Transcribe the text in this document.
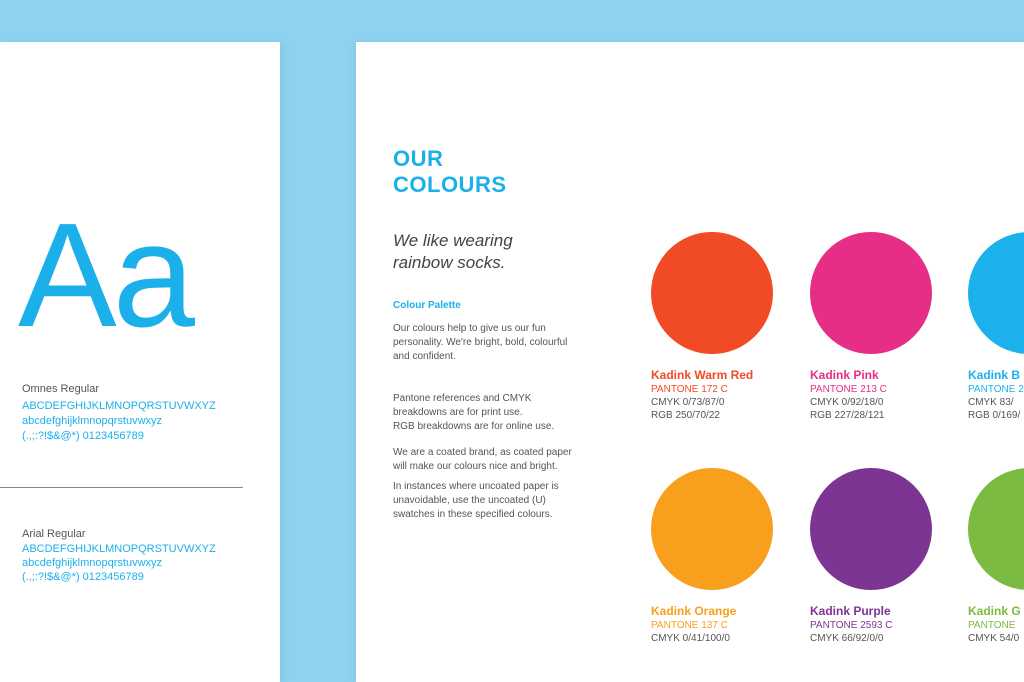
Aa
Omnes Regular
ABCDEFGHIJKLMNOPQRSTUVWXYZ
abcdefghijklmnopqrstuvwxyz
(.,;:?!$&@*) 0123456789
Arial Regular
ABCDEFGHIJKLMNOPQRSTUVWXYZ
abcdefghijklmnopqrstuvwxyz
(.,;:?!$&@*) 0123456789
OUR
COLOURS
We like wearing
rainbow socks.
Colour Palette
Our colours help to give us our fun
personality. We're bright, bold, colourful
and confident.
Pantone references and CMYK
breakdowns are for print use.
RGB breakdowns are for online use.
We are a coated brand, as coated paper
will make our colours nice and bright.
In instances where uncoated paper is
unavoidable, use the uncoated (U)
swatches in these specified colours.
Kadink Warm Red
PANTONE 172 C
CMYK 0/73/87/0
RGB 250/70/22
Kadink Pink
PANTONE 213 C
CMYK 0/92/18/0
RGB 227/28/121
Kadink B
PANTONE 2
CMYK 83/
RGB 0/169/
Kadink Orange
PANTONE 137 C
CMYK 0/41/100/0
Kadink Purple
PANTONE 2593 C
CMYK 66/92/0/0
Kadink G
PANTONE
CMYK 54/0
